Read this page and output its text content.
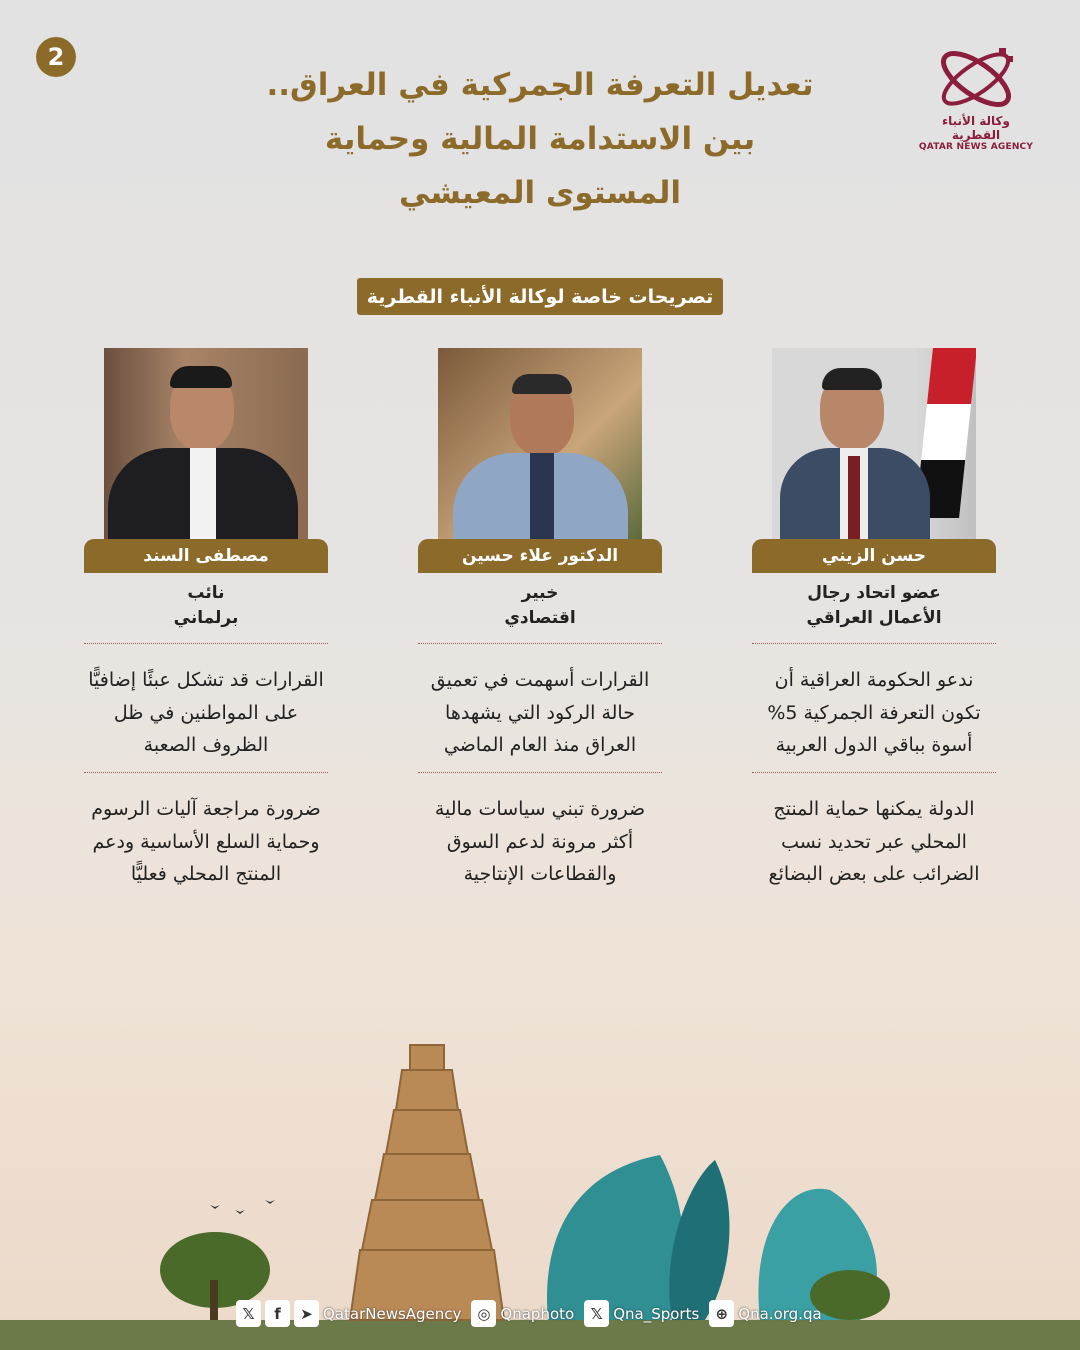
2
وكالة الأنباء القطرية
QATAR NEWS AGENCY
تعديل التعرفة الجمركية في العراق..
بين الاستدامة المالية وحماية
المستوى المعيشي
تصريحات خاصة لوكالة الأنباء القطرية
حسن الزيني
عضو اتحاد رجال
الأعمال العراقي
ندعو الحكومة العراقية أن تكون التعرفة الجمركية 5% أسوة بباقي الدول العربية
الدولة يمكنها حماية المنتج المحلي عبر تحديد نسب الضرائب على بعض البضائع
الدكتور علاء حسين
خبير
اقتصادي
القرارات أسهمت في تعميق حالة الركود التي يشهدها العراق منذ العام الماضي
ضرورة تبني سياسات مالية أكثر مرونة لدعم السوق والقطاعات الإنتاجية
مصطفى السند
نائب
برلماني
القرارات قد تشكل عبئًا إضافيًّا على المواطنين في ظل الظروف الصعبة
ضرورة مراجعة آليات الرسوم وحماية السلع الأساسية ودعم المنتج المحلي فعليًّا
𝕏	f	➤ QatarNewsAgency	◎ Qnaphoto	𝕏 Qna_Sports	⊕ Qna.org.qa
